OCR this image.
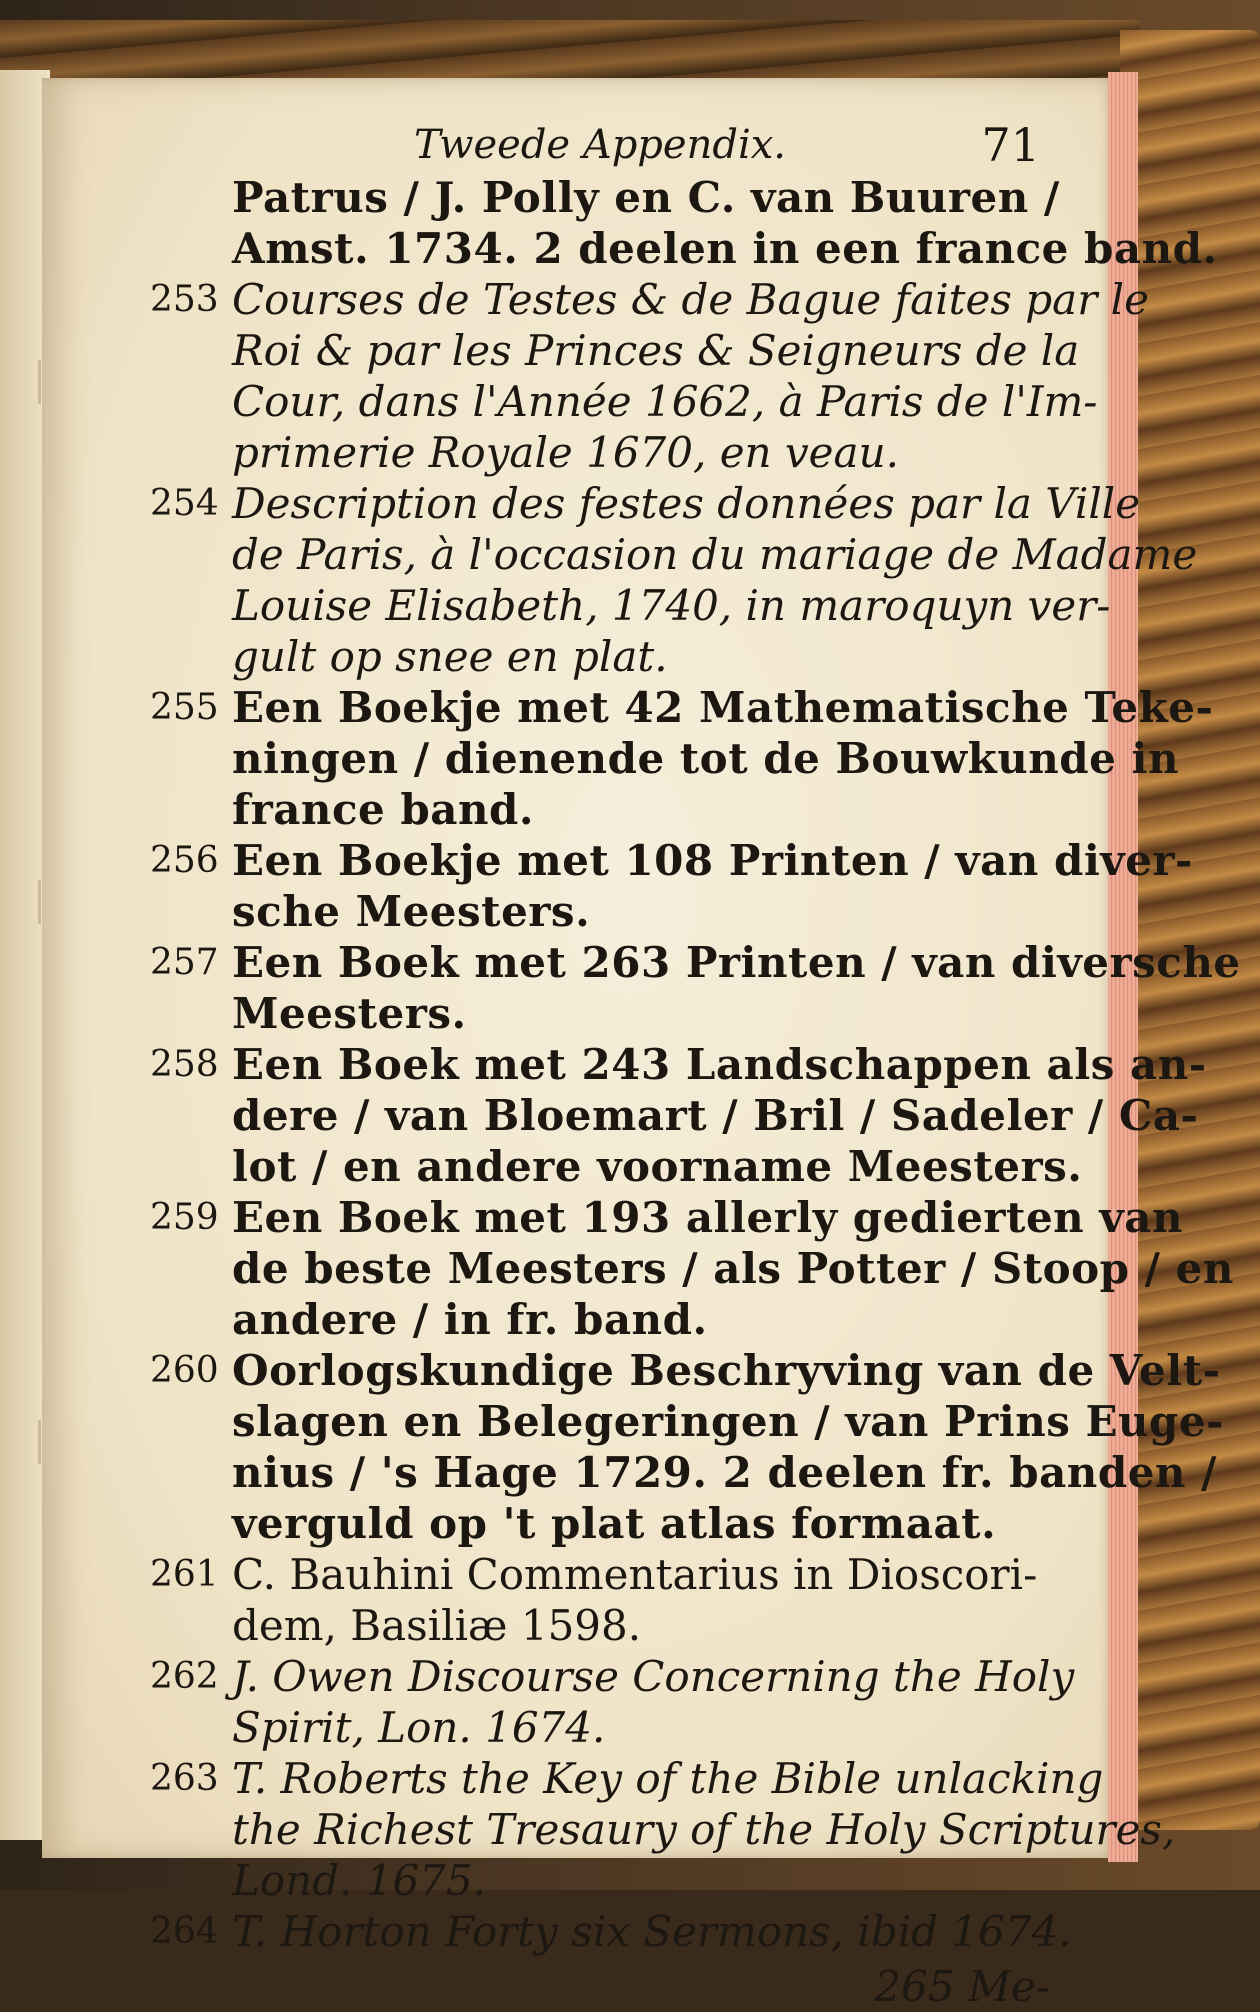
Tweede Appendix.	71
Patrus / J. Polly en C. van Buuren /
Amst. 1734. 2 deelen in een france band.
253 Courses de Testes & de Bague faites par le
Roi & par les Princes & Seigneurs de la
Cour, dans l'Année 1662, à Paris de l'Im-
primerie Royale 1670, en veau.
254 Description des festes données par la Ville
de Paris, à l'occasion du mariage de Madame
Louise Elisabeth, 1740, in maroquyn ver-
gult op snee en plat.
255 Een Boekje met 42 Mathematische Teke-
ningen / dienende tot de Bouwkunde in
france band.
256 Een Boekje met 108 Printen / van diver-
sche Meesters.
257 Een Boek met 263 Printen / van diversche
Meesters.
258 Een Boek met 243 Landschappen als an-
dere / van Bloemart / Bril / Sadeler / Ca-
lot / en andere voorname Meesters.
259 Een Boek met 193 allerly gedierten van
de beste Meesters / als Potter / Stoop / en
andere / in fr. band.
260 Oorlogskundige Beschryving van de Velt-
slagen en Belegeringen / van Prins Euge-
nius / 's Hage 1729. 2 deelen fr. banden /
verguld op 't plat atlas formaat.
261 C. Bauhini Commentarius in Dioscori-
dem, Basiliæ 1598.
262 J. Owen Discourse Concerning the Holy
Spirit, Lon. 1674.
263 T. Roberts the Key of the Bible unlacking
the Richest Tresaury of the Holy Scriptures,
Lond. 1675.
264 T. Horton Forty six Sermons, ibid 1674.
265 Me-
